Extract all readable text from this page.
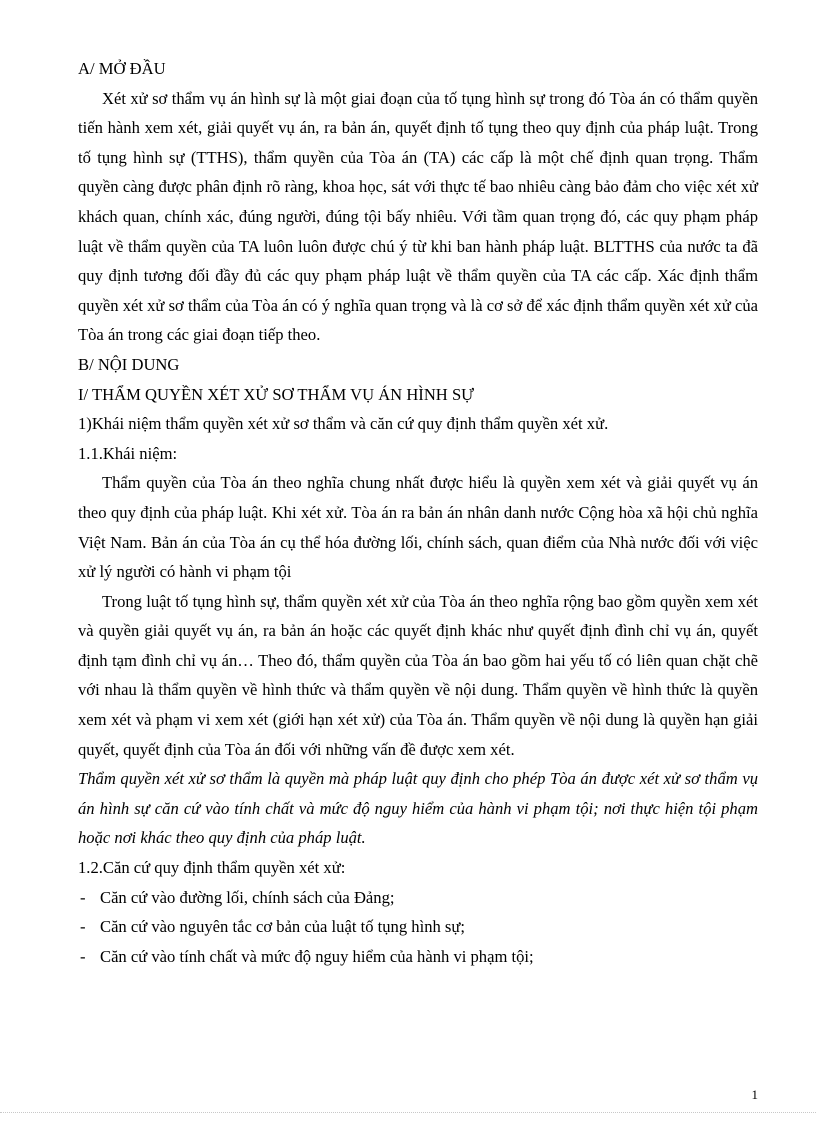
A/ MỞ ĐẦU

Xét xử sơ thẩm vụ án hình sự là một giai đoạn của tố tụng hình sự trong đó Tòa án có thẩm quyền tiến hành xem xét, giải quyết vụ án, ra bản án, quyết định tố tụng theo quy định của pháp luật. Trong tố tụng hình sự (TTHS), thẩm quyền của Tòa án (TA) các cấp là một chế định quan trọng. Thẩm quyền càng được phân định rõ ràng, khoa học, sát với thực tế bao nhiêu càng bảo đảm cho việc xét xử khách quan, chính xác, đúng người, đúng tội bấy nhiêu. Với tầm quan trọng đó, các quy phạm pháp luật về thẩm quyền của TA luôn luôn được chú ý từ khi ban hành pháp luật. BLTTHS của nước ta đã quy định tương đối đầy đủ các quy phạm pháp luật về thẩm quyền của TA các cấp. Xác định thẩm quyền xét xử sơ thẩm của Tòa án có ý nghĩa quan trọng và là cơ sở để xác định thẩm quyền xét xử của Tòa án trong các giai đoạn tiếp theo.

B/ NỘI DUNG

I/ THẨM QUYỀN XÉT XỬ SƠ THẨM VỤ ÁN HÌNH SỰ

1)Khái niệm thẩm quyền xét xử sơ thẩm và căn cứ quy định thẩm quyền xét xử.

1.1.Khái niệm:

Thẩm quyền của Tòa án theo nghĩa chung nhất được hiểu là quyền xem xét và giải quyết vụ án theo quy định của pháp luật. Khi xét xử. Tòa án ra bản án nhân danh nước Cộng hòa xã hội chủ nghĩa Việt Nam. Bản án của Tòa án cụ thể hóa đường lối, chính sách, quan điểm của Nhà nước đối với việc xử lý người có hành vi phạm tội

Trong luật tố tụng hình sự, thẩm quyền xét xử của Tòa án theo nghĩa rộng bao gồm quyền xem xét và quyền giải quyết vụ án, ra bản án hoặc các quyết định khác như quyết định đình chỉ vụ án, quyết định tạm đình chỉ vụ án… Theo đó, thẩm quyền của Tòa án bao gồm hai yếu tố có liên quan chặt chẽ với nhau là thẩm quyền về hình thức và thẩm quyền về nội dung. Thẩm quyền về hình thức là quyền xem xét và phạm vi xem xét (giới hạn xét xử) của Tòa án. Thẩm quyền về nội dung là quyền hạn giải quyết, quyết định của Tòa án đối với những vấn đề được xem xét.

Thẩm quyền xét xử sơ thẩm là quyền mà pháp luật quy định cho phép Tòa án được xét xử sơ thẩm vụ án hình sự căn cứ vào tính chất và mức độ nguy hiểm của hành vi phạm tội; nơi thực hiện tội phạm hoặc nơi khác theo quy định của pháp luật.

1.2.Căn cứ quy định thẩm quyền xét xử:

- Căn cứ vào đường lối, chính sách của Đảng;
- Căn cứ vào nguyên tắc cơ bản của luật tố tụng hình sự;
- Căn cứ vào tính chất và mức độ nguy hiểm của hành vi phạm tội;
1
